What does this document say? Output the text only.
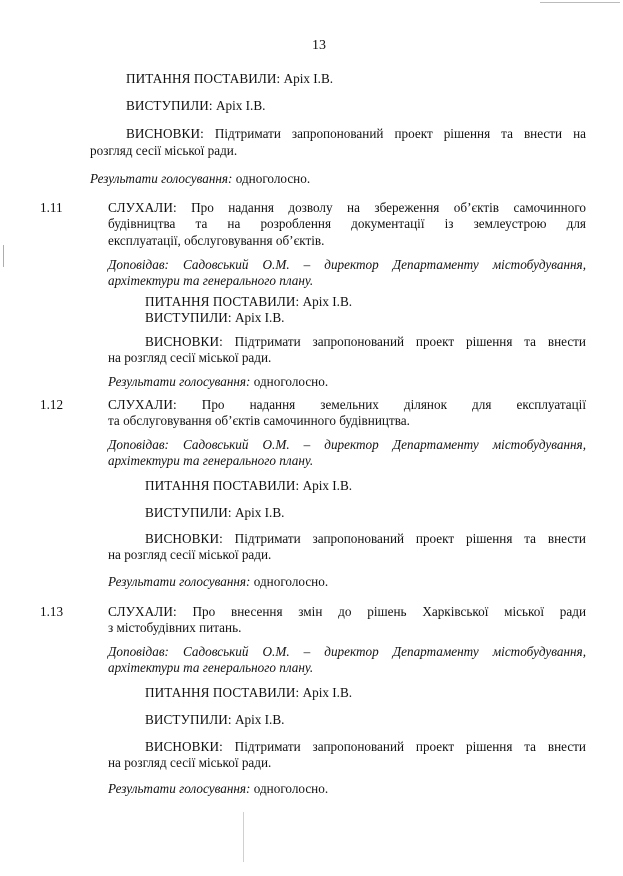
13
ПИТАННЯ ПОСТАВИЛИ: Аріх І.В.
ВИСТУПИЛИ: Аріх І.В.
ВИСНОВКИ: Підтримати запропонований проект рішення та внести на
розгляд сесії міської ради.
Результати голосування: одноголосно.
1.11	СЛУХАЛИ: Про надання дозволу на збереження об’єктів самочинного
будівництва та на розроблення документації із землеустрою для
експлуатації, обслуговування об’єктів.
Доповідав: Садовський О.М. – директор Департаменту містобудування,
архітектури та генерального плану.
ПИТАННЯ ПОСТАВИЛИ: Аріх І.В.
ВИСТУПИЛИ: Аріх І.В.
ВИСНОВКИ: Підтримати запропонований проект рішення та внести
на розгляд сесії міської ради.
Результати голосування: одноголосно.
1.12	СЛУХАЛИ: Про надання земельних ділянок для експлуатації
та обслуговування об’єктів самочинного будівництва.
Доповідав: Садовський О.М. – директор Департаменту містобудування,
архітектури та генерального плану.
ПИТАННЯ ПОСТАВИЛИ: Аріх І.В.
ВИСТУПИЛИ: Аріх І.В.
ВИСНОВКИ: Підтримати запропонований проект рішення та внести
на розгляд сесії міської ради.
Результати голосування: одноголосно.
1.13	СЛУХАЛИ: Про внесення змін до рішень Харківської міської ради
з містобудівних питань.
Доповідав: Садовський О.М. – директор Департаменту містобудування,
архітектури та генерального плану.
ПИТАННЯ ПОСТАВИЛИ: Аріх І.В.
ВИСТУПИЛИ: Аріх І.В.
ВИСНОВКИ: Підтримати запропонований проект рішення та внести
на розгляд сесії міської ради.
Результати голосування: одноголосно.
